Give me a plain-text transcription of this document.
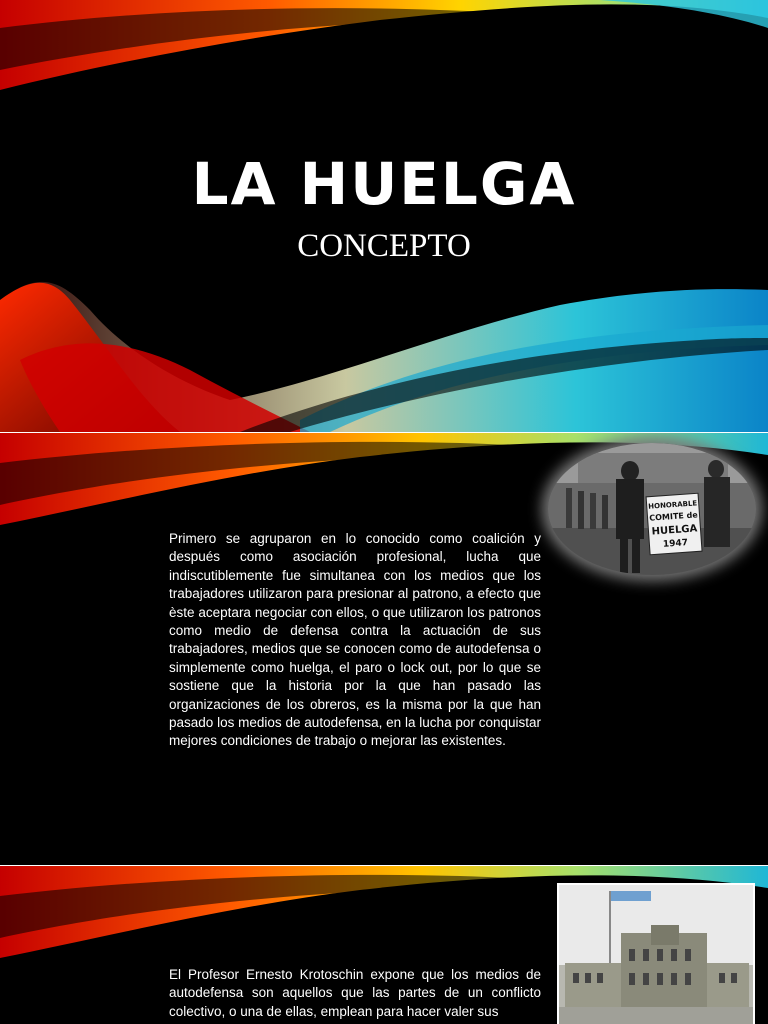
LA HUELGA
CONCEPTO
HONORABLE
COMITE de
HUELGA
1947
Primero se agruparon en lo conocido como coalición y después como asociación profesional, lucha que indiscutiblemente fue simultanea con los medios que los trabajadores utilizaron para presionar al patrono, a efecto que èste aceptara negociar con ellos, o que utilizaron los patronos como medio de defensa contra la actuación de sus trabajadores, medios que se conocen como de autodefensa o simplemente como huelga, el paro o lock out, por lo que se sostiene que la historia por la que han pasado las organizaciones de los obreros, es la misma por la que han pasado los medios de autodefensa, en la lucha por conquistar mejores condiciones de trabajo o mejorar las existentes.
El Profesor Ernesto Krotoschin expone que los medios de autodefensa son aquellos que las partes de un conflicto colectivo, o una de ellas, emplean para hacer valer sus
